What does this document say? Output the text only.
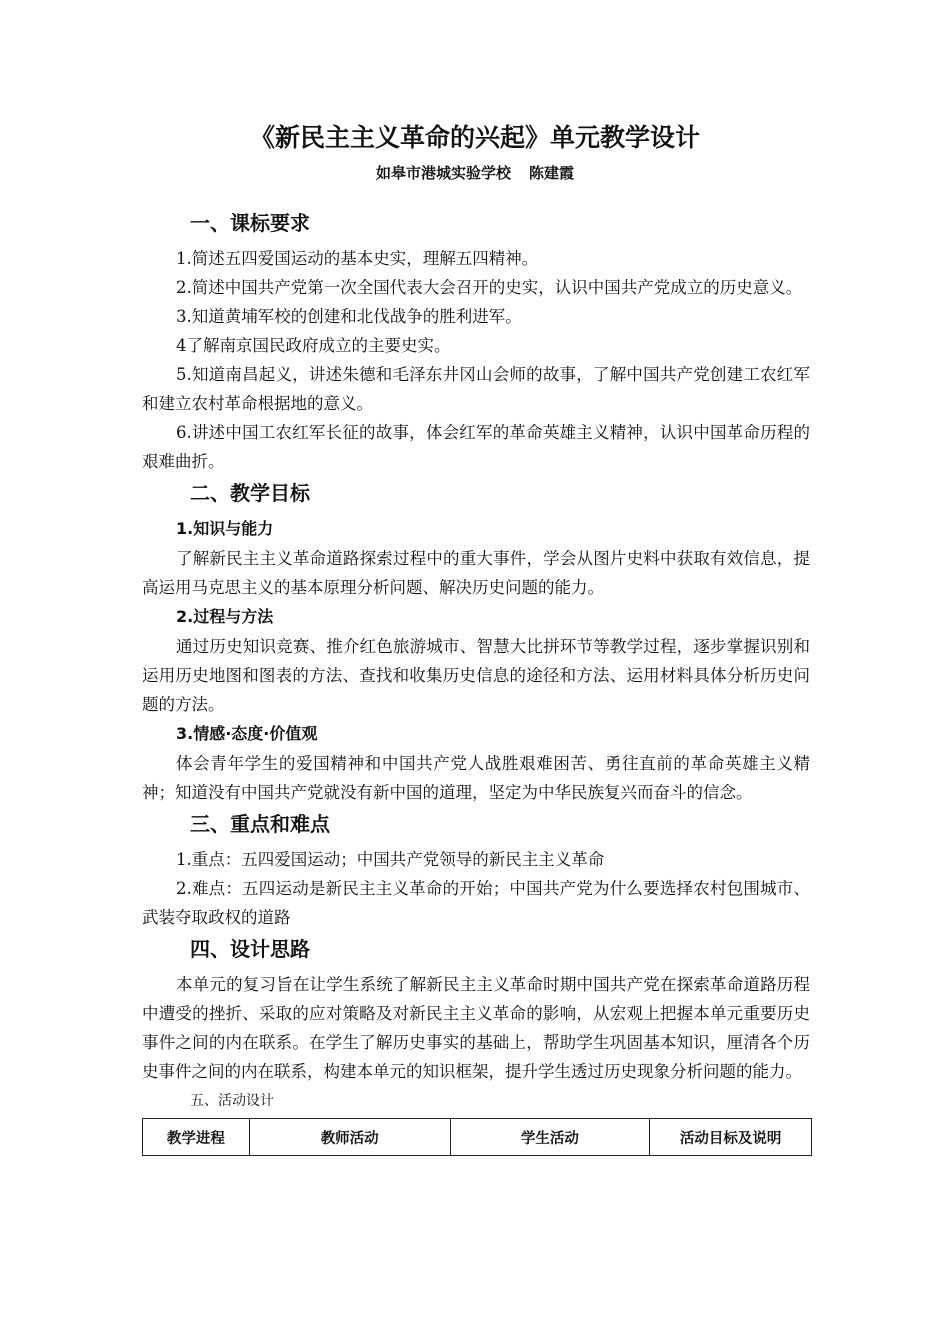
《新民主主义革命的兴起》单元教学设计
如皋市港城实验学校 陈建霞
一、课标要求

1.简述五四爱国运动的基本史实，理解五四精神。

2.简述中国共产党第一次全国代表大会召开的史实，认识中国共产党成立的历史意义。

3.知道黄埔军校的创建和北伐战争的胜利进军。

4了解南京国民政府成立的主要史实。

5.知道南昌起义，讲述朱德和毛泽东井冈山会师的故事，了解中国共产党创建工农红军和建立农村革命根据地的意义。

6.讲述中国工农红军长征的故事，体会红军的革命英雄主义精神，认识中国革命历程的艰难曲折。

二、教学目标
1.知识与能力

了解新民主主义革命道路探索过程中的重大事件，学会从图片史料中获取有效信息，提高运用马克思主义的基本原理分析问题、解决历史问题的能力。

2.过程与方法

通过历史知识竞赛、推介红色旅游城市、智慧大比拼环节等教学过程，逐步掌握识别和运用历史地图和图表的方法、查找和收集历史信息的途径和方法、运用材料具体分析历史问题的方法。

3.情感·态度·价值观

体会青年学生的爱国精神和中国共产党人战胜艰难困苦、勇往直前的革命英雄主义精神；知道没有中国共产党就没有新中国的道理，坚定为中华民族复兴而奋斗的信念。

三、重点和难点

1.重点：五四爱国运动；中国共产党领导的新民主主义革命

2.难点：五四运动是新民主主义革命的开始；中国共产党为什么要选择农村包围城市、武装夺取政权的道路

四、设计思路

本单元的复习旨在让学生系统了解新民主主义革命时期中国共产党在探索革命道路历程中遭受的挫折、采取的应对策略及对新民主主义革命的影响，从宏观上把握本单元重要历史事件之间的内在联系。在学生了解历史事实的基础上，帮助学生巩固基本知识，厘清各个历史事件之间的内在联系，构建本单元的知识框架，提升学生透过历史现象分析问题的能力。

五、活动设计
教学进程	教师活动	学生活动	活动目标及说明
